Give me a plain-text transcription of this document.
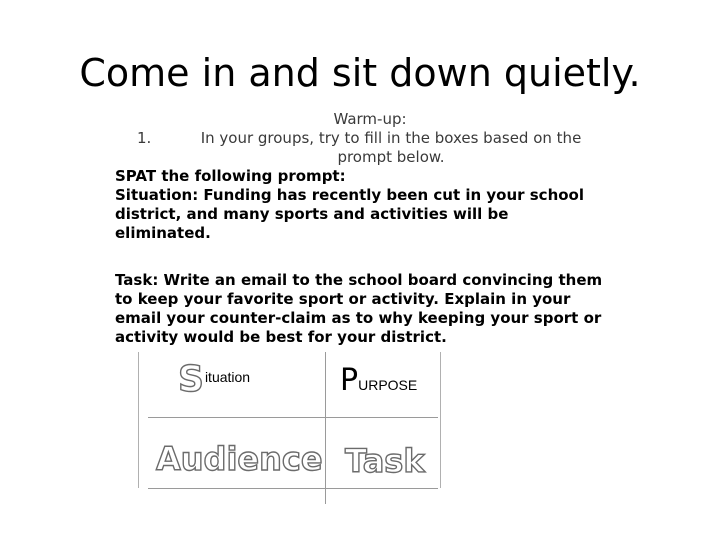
Come in and sit down quietly.
Warm-up:
1.	In your groups, try to fill in the boxes based on the prompt below.
SPAT the following prompt:
Situation: Funding has recently been cut in your school district, and many sports and activities will be eliminated.
Task: Write an email to the school board convincing them to keep your favorite sport or activity. Explain in your email your counter-claim as to why keeping your sport or activity would be best for your district.
S ituation	P URPOSE
Audience Task
